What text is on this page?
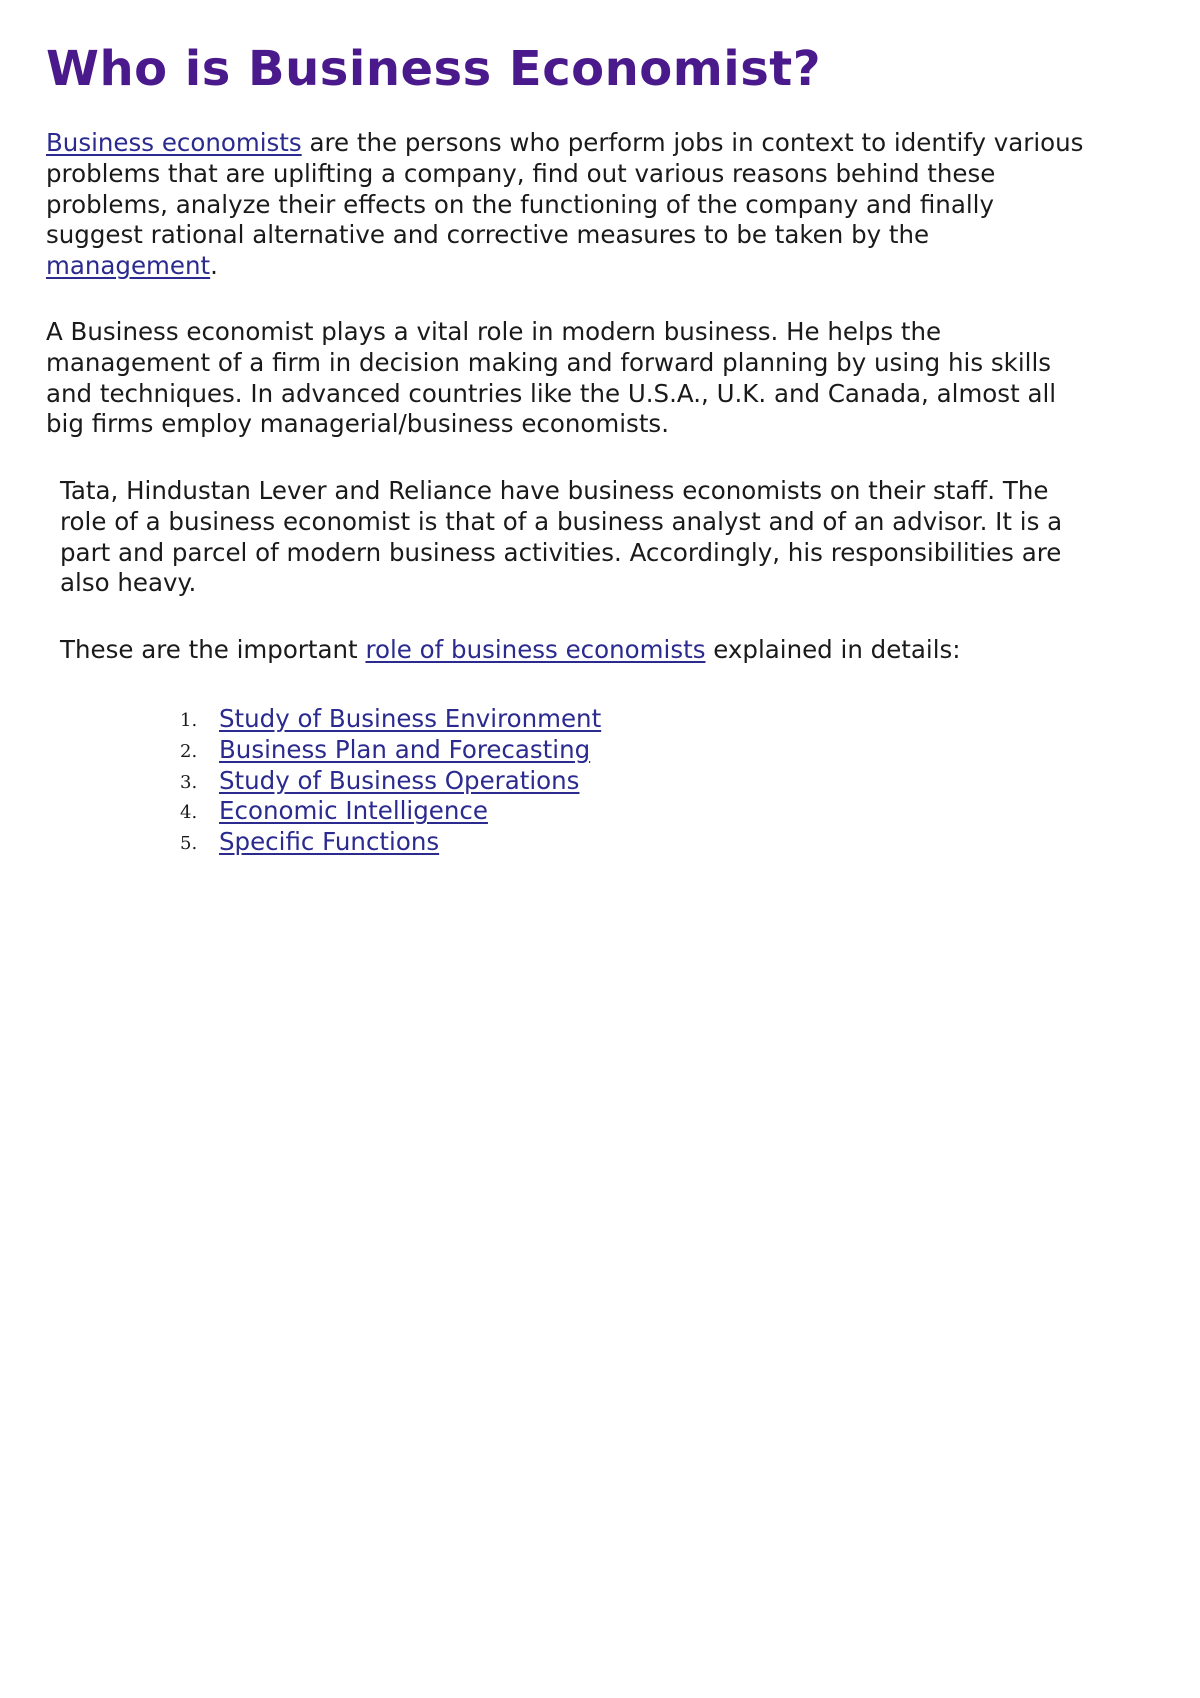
Who is Business Economist?

Business economists are the persons who perform jobs in context to identify various problems that are uplifting a company, find out various reasons behind these problems, analyze their effects on the functioning of the company and finally suggest rational alternative and corrective measures to be taken by the management.

A Business economist plays a vital role in modern business. He helps the management of a firm in decision making and forward planning by using his skills and techniques. In advanced countries like the U.S.A., U.K. and Canada, almost all big firms employ managerial/business economists.

Tata, Hindustan Lever and Reliance have business economists on their staff. The role of a business economist is that of a business analyst and of an advisor. It is a part and parcel of modern business activities. Accordingly, his responsibilities are also heavy.

These are the important role of business economists explained in details:

1. Study of Business Environment
2. Business Plan and Forecasting
3. Study of Business Operations
4. Economic Intelligence
5. Specific Functions
